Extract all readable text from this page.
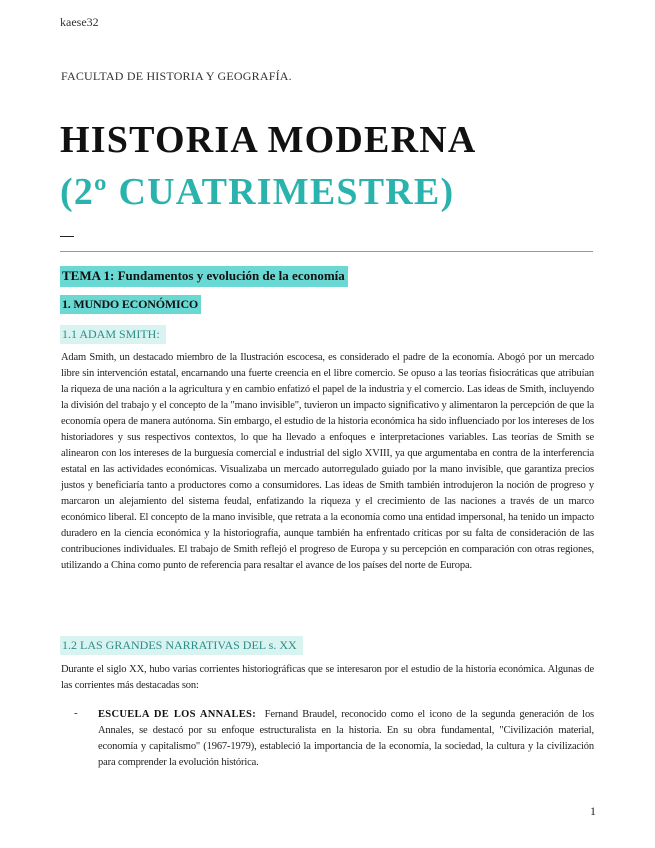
kaese32
FACULTAD DE HISTORIA Y GEOGRAFÍA.
HISTORIA MODERNA
(2º CUATRIMESTRE)
TEMA 1: Fundamentos y evolución de la economía
1. MUNDO ECONÓMICO
1.1 ADAM SMITH:
Adam Smith, un destacado miembro de la Ilustración escocesa, es considerado el padre de la economía. Abogó por un mercado libre sin intervención estatal, encarnando una fuerte creencia en el libre comercio. Se opuso a las teorías fisiocráticas que atribuían la riqueza de una nación a la agricultura y en cambio enfatizó el papel de la industria y el comercio. Las ideas de Smith, incluyendo la división del trabajo y el concepto de la "mano invisible", tuvieron un impacto significativo y alimentaron la percepción de que la economía opera de manera autónoma. Sin embargo, el estudio de la historia económica ha sido influenciado por los intereses de los historiadores y sus respectivos contextos, lo que ha llevado a enfoques e interpretaciones variables. Las teorías de Smith se alinearon con los intereses de la burguesía comercial e industrial del siglo XVIII, ya que argumentaba en contra de la interferencia estatal en las actividades económicas. Visualizaba un mercado autorregulado guiado por la mano invisible, que garantiza precios justos y beneficiaría tanto a productores como a consumidores. Las ideas de Smith también introdujeron la noción de progreso y marcaron un alejamiento del sistema feudal, enfatizando la riqueza y el crecimiento de las naciones a través de un marco económico liberal. El concepto de la mano invisible, que retrata a la economía como una entidad impersonal, ha tenido un impacto duradero en la ciencia económica y la historiografía, aunque también ha enfrentado críticas por su falta de consideración de las contribuciones individuales. El trabajo de Smith reflejó el progreso de Europa y su percepción en comparación con otras regiones, utilizando a China como punto de referencia para resaltar el avance de los países del norte de Europa.
1.2 LAS GRANDES NARRATIVAS DEL s. XX
Durante el siglo XX, hubo varias corrientes historiográficas que se interesaron por el estudio de la historia económica. Algunas de las corrientes más destacadas son:
- ESCUELA DE LOS ANNALES: Fernand Braudel, reconocido como el icono de la segunda generación de los Annales, se destacó por su enfoque estructuralista en la historia. En su obra fundamental, "Civilización material, economía y capitalismo" (1967-1979), estableció la importancia de la economía, la sociedad, la cultura y la civilización para comprender la evolución histórica.
1
